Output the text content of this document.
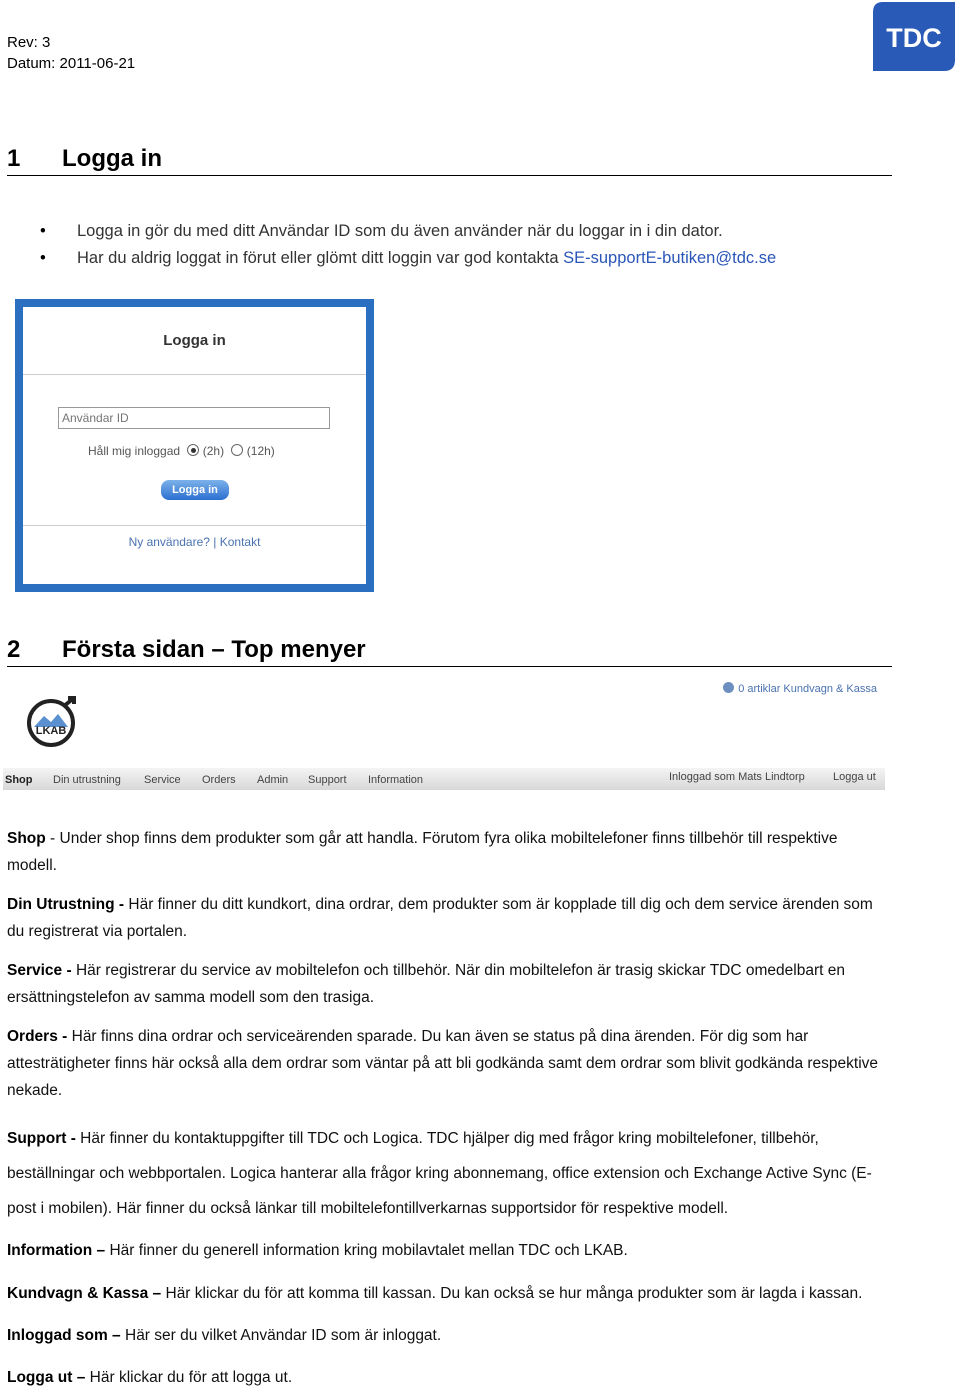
Rev: 3
Datum: 2011-06-21
TDC
1 Logga in
• Logga in gör du med ditt Användar ID som du även använder när du loggar in i din dator.
• Har du aldrig loggat in förut eller glömt ditt loggin var god kontakta SE-supportE-butiken@tdc.se
Logga in
Användar ID
Håll mig inloggad (2h) (12h)
Logga in
Ny användare? | Kontakt
2 Första sidan – Top menyer
LKAB
0 artiklar Kundvagn & Kassa
Shop Din utrustning Service Orders Admin Support Information	Inloggad som Mats Lindtorp	Logga ut
Shop - Under shop finns dem produkter som går att handla. Förutom fyra olika mobiltelefoner finns tillbehör till respektive modell.
Din Utrustning - Här finner du ditt kundkort, dina ordrar, dem produkter som är kopplade till dig och dem service ärenden som du registrerat via portalen.
Service - Här registrerar du service av mobiltelefon och tillbehör. När din mobiltelefon är trasig skickar TDC omedelbart en ersättningstelefon av samma modell som den trasiga.
Orders - Här finns dina ordrar och serviceärenden sparade. Du kan även se status på dina ärenden. För dig som har attesträtigheter finns här också alla dem ordrar som väntar på att bli godkända samt dem ordrar som blivit godkända respektive nekade.
Support - Här finner du kontaktuppgifter till TDC och Logica. TDC hjälper dig med frågor kring mobiltelefoner, tillbehör, beställningar och webbportalen. Logica hanterar alla frågor kring abonnemang, office extension och Exchange Active Sync (E-post i mobilen). Här finner du också länkar till mobiltelefontillverkarnas supportsidor för respektive modell.
Information – Här finner du generell information kring mobilavtalet mellan TDC och LKAB.
Kundvagn & Kassa – Här klickar du för att komma till kassan. Du kan också se hur många produkter som är lagda i kassan.
Inloggad som – Här ser du vilket Användar ID som är inloggat.
Logga ut – Här klickar du för att logga ut.
